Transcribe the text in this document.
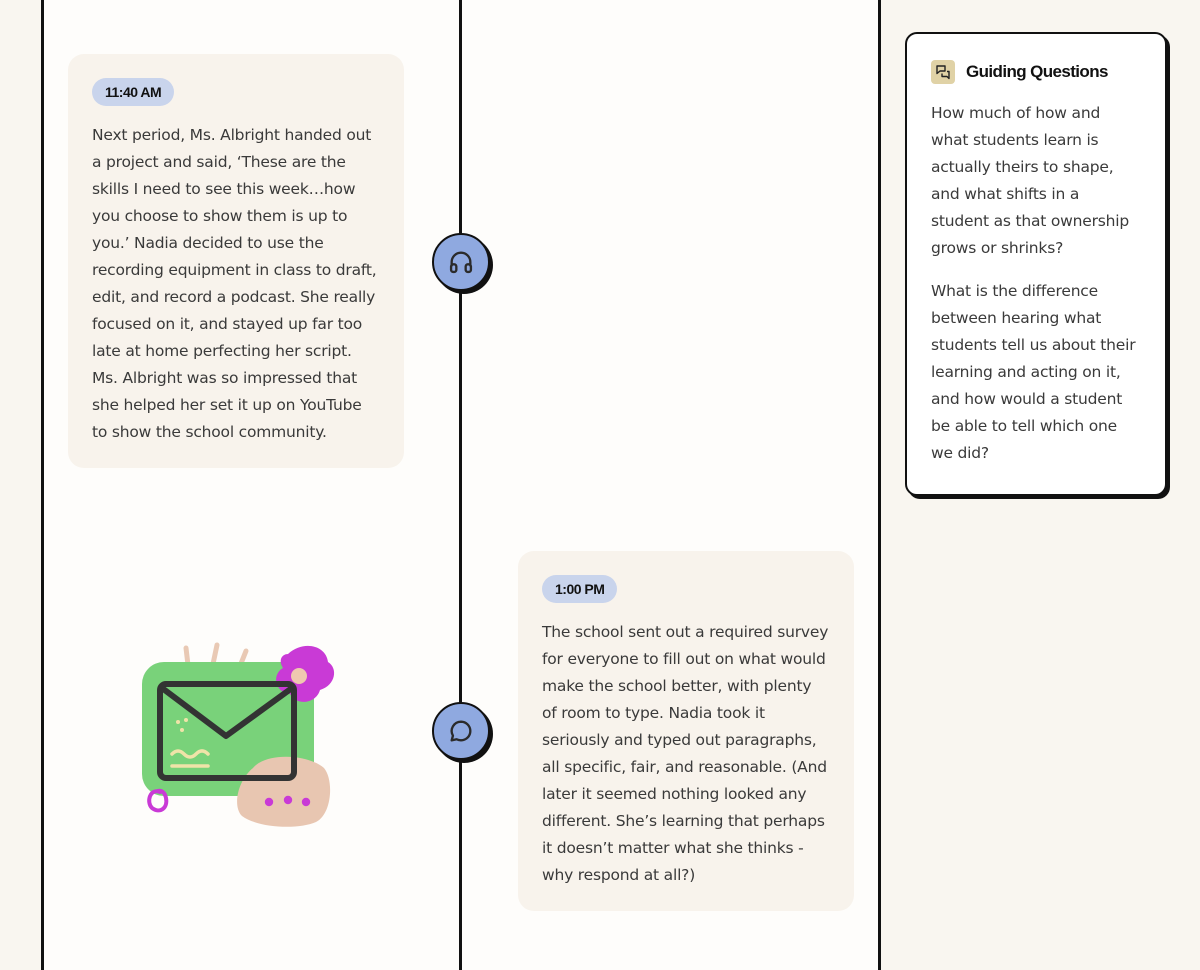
11:40 AM

Next period, Ms. Albright handed out a project and said, ‘These are the skills I need to see this week…how you choose to show them is up to you.’ Nadia decided to use the recording equipment in class to draft, edit, and record a podcast. She really focused on it, and stayed up far too late at home perfecting her script. Ms. Albright was so impressed that she helped her set it up on YouTube to show the school community.

1:00 PM

The school sent out a required survey for everyone to fill out on what would make the school better, with plenty of room to type. Nadia took it seriously and typed out paragraphs, all specific, fair, and reasonable. (And later it seemed nothing looked any different. She’s learning that perhaps it doesn’t matter what she thinks - why respond at all?)

Guiding Questions

How much of how and what students learn is actually theirs to shape, and what shifts in a student as that ownership grows or shrinks?

What is the difference between hearing what students tell us about their learning and acting on it, and how would a student be able to tell which one we did?
